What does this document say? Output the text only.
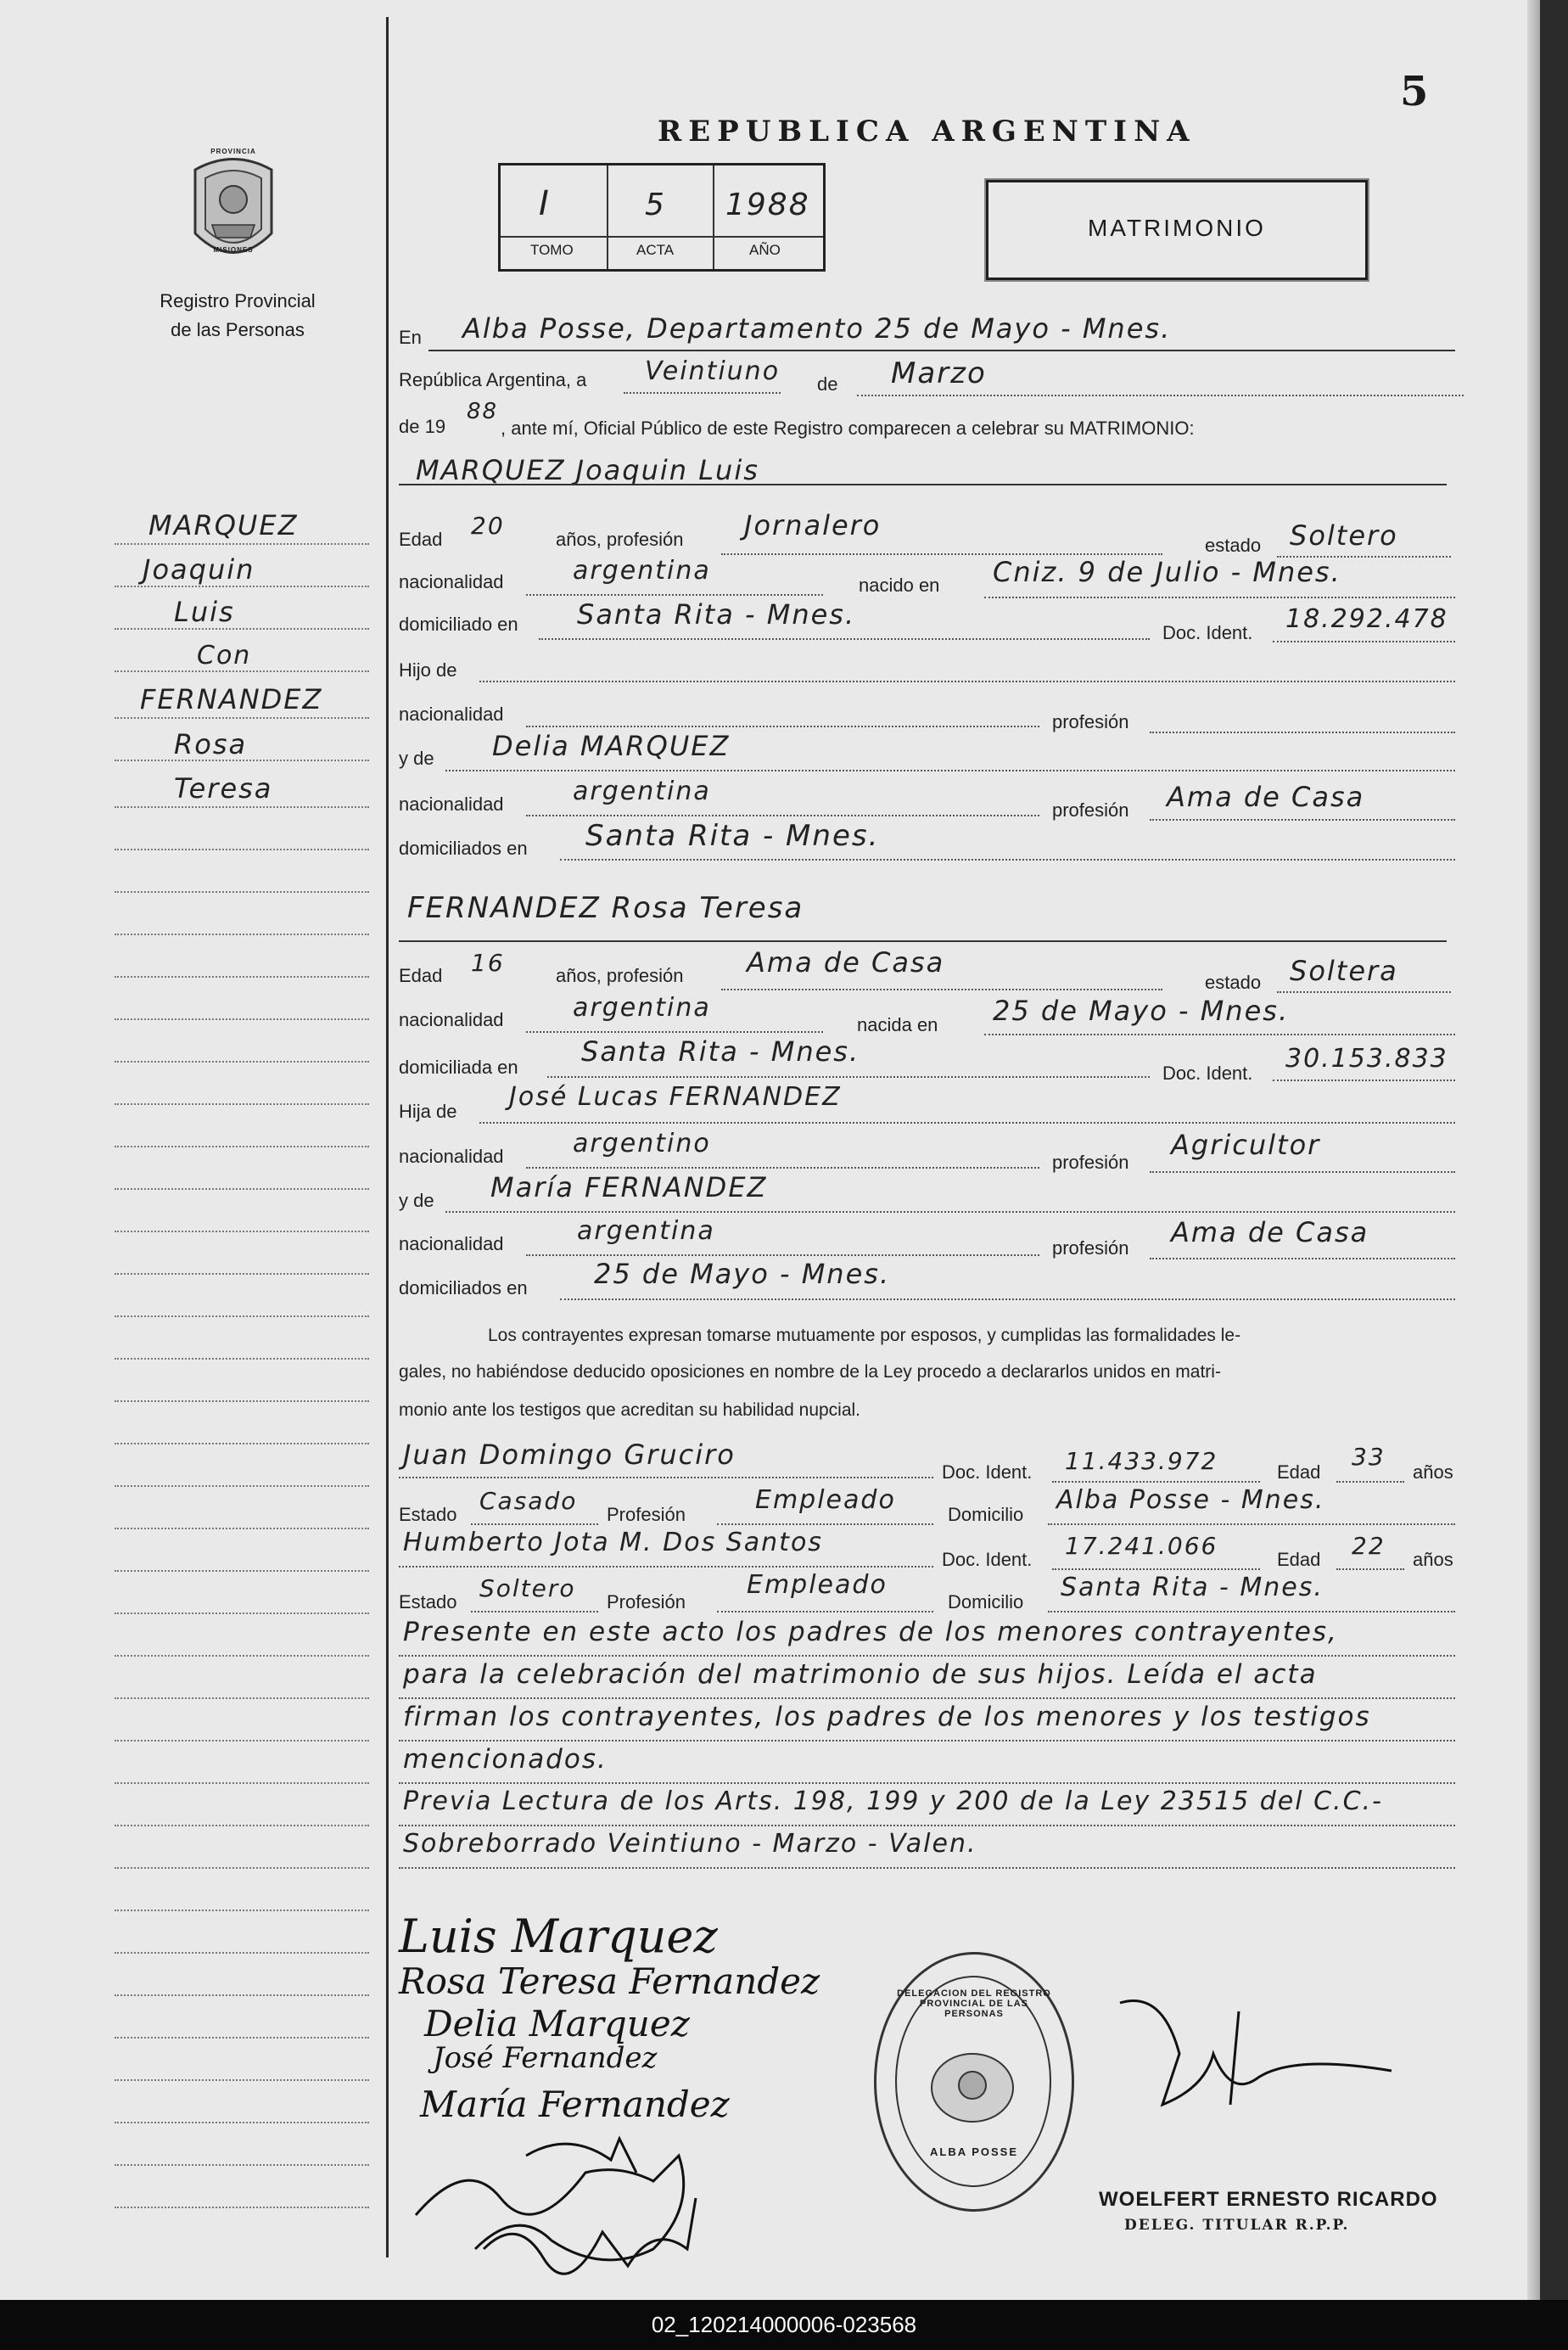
5
REPUBLICA ARGENTINA
PROVINCIA
MISIONES
Registro Provincial
de las Personas
I	5 1988
TOMO	ACTA	AÑO
MATRIMONIO
MARQUEZ
Joaquin
Luis
Con
FERNANDEZ
Rosa
Teresa
En Alba Posse, Departamento 25 de Mayo - Mnes.
República Argentina, a Veintiuno de Marzo
de 19
88
, ante mí, Oficial Público de este Registro comparecen a celebrar su MATRIMONIO:
MARQUEZ Joaquin Luis
Edad 20	años, profesión Jornalero
estado Soltero
nacionalidad	argentina	nacido en Cniz. 9 de Julio - Mnes.
domiciliado en Santa Rita - Mnes.
Doc. Ident. 18.292.478
Hijo de
nacionalidad	profesión
y de Delia MARQUEZ
nacionalidad	argentina
profesión Ama de Casa
domiciliados en Santa Rita - Mnes.
FERNANDEZ Rosa Teresa
Edad 16	años, profesión Ama de Casa
estado Soltera
nacionalidad	argentina
nacida en 25 de Mayo - Mnes.
domiciliada en Santa Rita - Mnes.
Doc. Ident. 30.153.833
Hija de José Lucas FERNANDEZ
nacionalidad	argentino
profesión
Agricultor
y de María FERNANDEZ
nacionalidad	argentina
profesión Ama de Casa
domiciliados en 25 de Mayo - Mnes.
Los contrayentes expresan tomarse mutuamente por esposos, y cumplidas las formalidades le-
gales, no habiéndose deducido oposiciones en nombre de la Ley procedo a declararlos unidos en matri-
monio ante los testigos que acreditan su habilidad nupcial.
Juan Domingo Gruciro
Doc. Ident. 11.433.972	Edad
33
años
Estado Casado Profesión	Empleado	Domicilio Alba Posse - Mnes.
Humberto Jota M. Dos Santos
Doc. Ident. 17.241.066	Edad 22 años
Estado Soltero Profesión
Empleado
Domicilio Santa Rita - Mnes.
Presente en este acto los padres de los menores contrayentes,
para la celebración del matrimonio de sus hijos. Leída el acta
firman los contrayentes, los padres de los menores y los testigos
mencionados.
Previa Lectura de los Arts. 198, 199 y 200 de la Ley 23515 del C.C.-
Sobreborrado Veintiuno - Marzo - Valen.
Luis Marquez
Rosa Teresa Fernandez
Delia Marquez
José Fernandez
María Fernandez
DELEGACION DEL REGISTRO PROVINCIAL DE LAS PERSONAS
ALBA POSSE
WOELFERT ERNESTO RICARDO
DELEG. TITULAR R.P.P.
02_120214000006-023568
